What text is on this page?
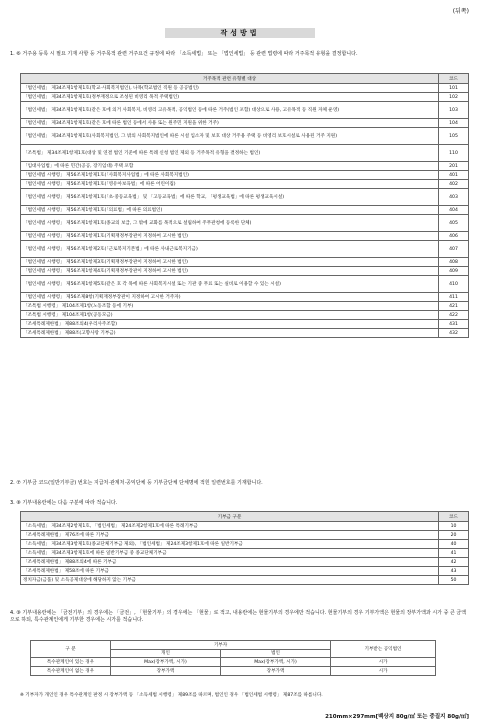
(뒤쪽)
작성방법
1. ⑥ 거주용 등록 시 필요 기재 사항 등 거주목적 관련 거주요건 규정에 따라 「소득세법」 또는 「법인세법」 등 관련 법령에 따라 거주목적 유형을 결정합니다.
거주목적 관련 유형별 대상	코드
「법인세법」 제34조제1항제1호(학교·사회복지법인), 나목(학교법인 직원 등 공공법인)	101
「법인세법」 제34조제1항제1호(정부재정으로 조성된 비영리 목적 주택법인)	102
「법인세법」 제34조제1항제1호(같은 호에 의거 사회복지, 비영리 고유목적, 공익법인 등에 따른 거주(법인 포함) 대상으로 사용, 고유목적 등 직원 자체 운영)	103
「법인세법」 제34조제1항제1호(같은 호에 따른 법인 등에서 사용 또는 원주민 지원을 위한 거주)	104
「법인세법」 제34조제1항제1호(사회복지법인, 그 밖의 사회복지법인에 따른 시설 입소자 및 보호 대상 거주용 주택 등 비영리 보호시설로 사용된 거주 지원)	105
「조특법」 제34조제1항제1호(대상 및 연결 법인 기준에 따른 특례 신청 법인 제외 등 거주목적 유형을 결정하는 법인)	110
「임대사업법」에 따른 민간(공공, 장기임대) 주택 포함	201
「법인세법 시행령」 제56조제1항제1호(「사회복지사업법」에 따른 사회복지법인)	401
「법인세법 시행령」 제56조제1항제1호(「영유아보육법」에 따른 어린이집)	402
「법인세법 시행령」 제56조제1항제1호(「초·중등교육법」 및 「고등교육법」에 따른 학교, 「평생교육법」에 따른 평생교육시설)	403
「법인세법 시행령」 제56조제1항제1호(「의료법」에 따른 의료법인)	404
「법인세법 시행령」 제56조제1항제1호(종교의 보급, 그 밖에 교화를 목적으로 설립하여 주무관청에 등록한 단체)	405
「법인세법 시행령」 제56조제1항제1호(기획재정부장관이 지정하여 고시한 법인)	406
「법인세법 시행령」 제56조제1항제2호(「근로복지기본법」에 따른 사내근로복지기금)	407
「법인세법 시행령」 제56조제1항제3호(기획재정부장관이 지정하여 고시한 법인)	408
「법인세법 시행령」 제56조제1항제4호(기획재정부장관이 지정하여 고시한 법인)	409
「법인세법 시행령」 제56조제1항제5호(같은 호 각 목에 따른 사회복지시설 또는 기관 중 무료 또는 실비로 이용할 수 있는 시설)	410
「법인세법 시행령」 제56조제8항(기획재정부장관이 지정하여 고시한 거주자)	411
「조특법 시행령」 제104조제1항(노동조합 등에 기부)	421
「조특법 시행령」 제104조제1항(공동모금)	422
「조세특례제한법」 제88조의4(우리사주조합)	431
「조세특례제한법」 제88조(고향사랑 기부금)	432
2. ⑦ 기부금 코드(일반기부금) 번호는 지급처·관계처·공익단체 등 기부금단체 단체명에 적힌 일련번호를 기재합니다.
3. ⑧ 기부내용란에는 다음 구분에 따라 적습니다.
기부금 구분	코드
「소득세법」 제34조제2항제1호, 「법인세법」 제24조제2항제1호에 따른 특례기부금	10
「조세특례제한법」 제76조에 따른 기부금	20
「소득세법」 제34조제3항제1호(종교단체기부금 제외), 「법인세법」 제24조제3항제1호에 따른 일반기부금	40
「소득세법」 제34조제3항제1호에 따른 일반기부금 중 종교단체기부금	41
「조세특례제한법」 제88조의4에 따른 기부금	42
「조세특례제한법」 제58조에 따른 기부금	43
정치자금(금품) 및 소득공제대상에 해당하지 않는 기부금	50
4. ⑨ 기부내용란에는 「금전기부」의 경우에는 「금전」, 「현물기부」의 경우에는 「현물」로 적고, 내용란에는 현물기부의 경우에만 적습니다. 현물기부의 경우 기부가액은 현물의 장부가액과 시가 중 큰 금액으로 하되, 특수관계인에게 기부한 경우에는 시가를 적습니다.
구 분	기부자		기부받는 공익법인
	개인	법인	
특수관계인이 있는 경우	Max(장부가액, 시가)	Max(장부가액, 시가)	시가
특수관계인이 없는 경우	장부가액	장부가액	시가
※ 기부자가 개인인 경우 특수관계인 판정 시 장부가액 등 「소득세법 시행령」 제89조를 따르며, 법인인 경우 「법인세법 시행령」 제87조를 따릅니다.
210mm×297mm[백상지 80g/㎡ 또는 중질지 80g/㎡]
